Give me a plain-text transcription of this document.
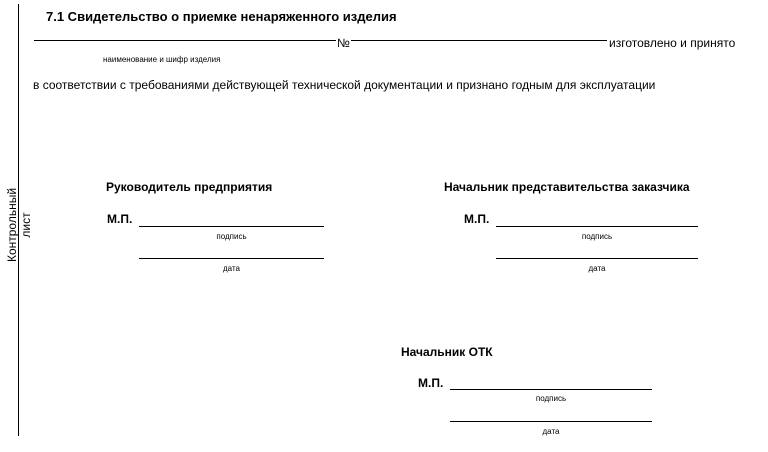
Контрольный лист
7.1 Свидетельство о приемке ненаряженного изделия
№	изготовлено и принято
наименование и шифр изделия
в соответствии с требованиями действующей технической документации и признано годным для эксплуатации
Руководитель предприятия
М.П.
подпись
дата
Начальник представительства заказчика
М.П.
подпись
дата
Начальник ОТК
М.П.
подпись
дата
